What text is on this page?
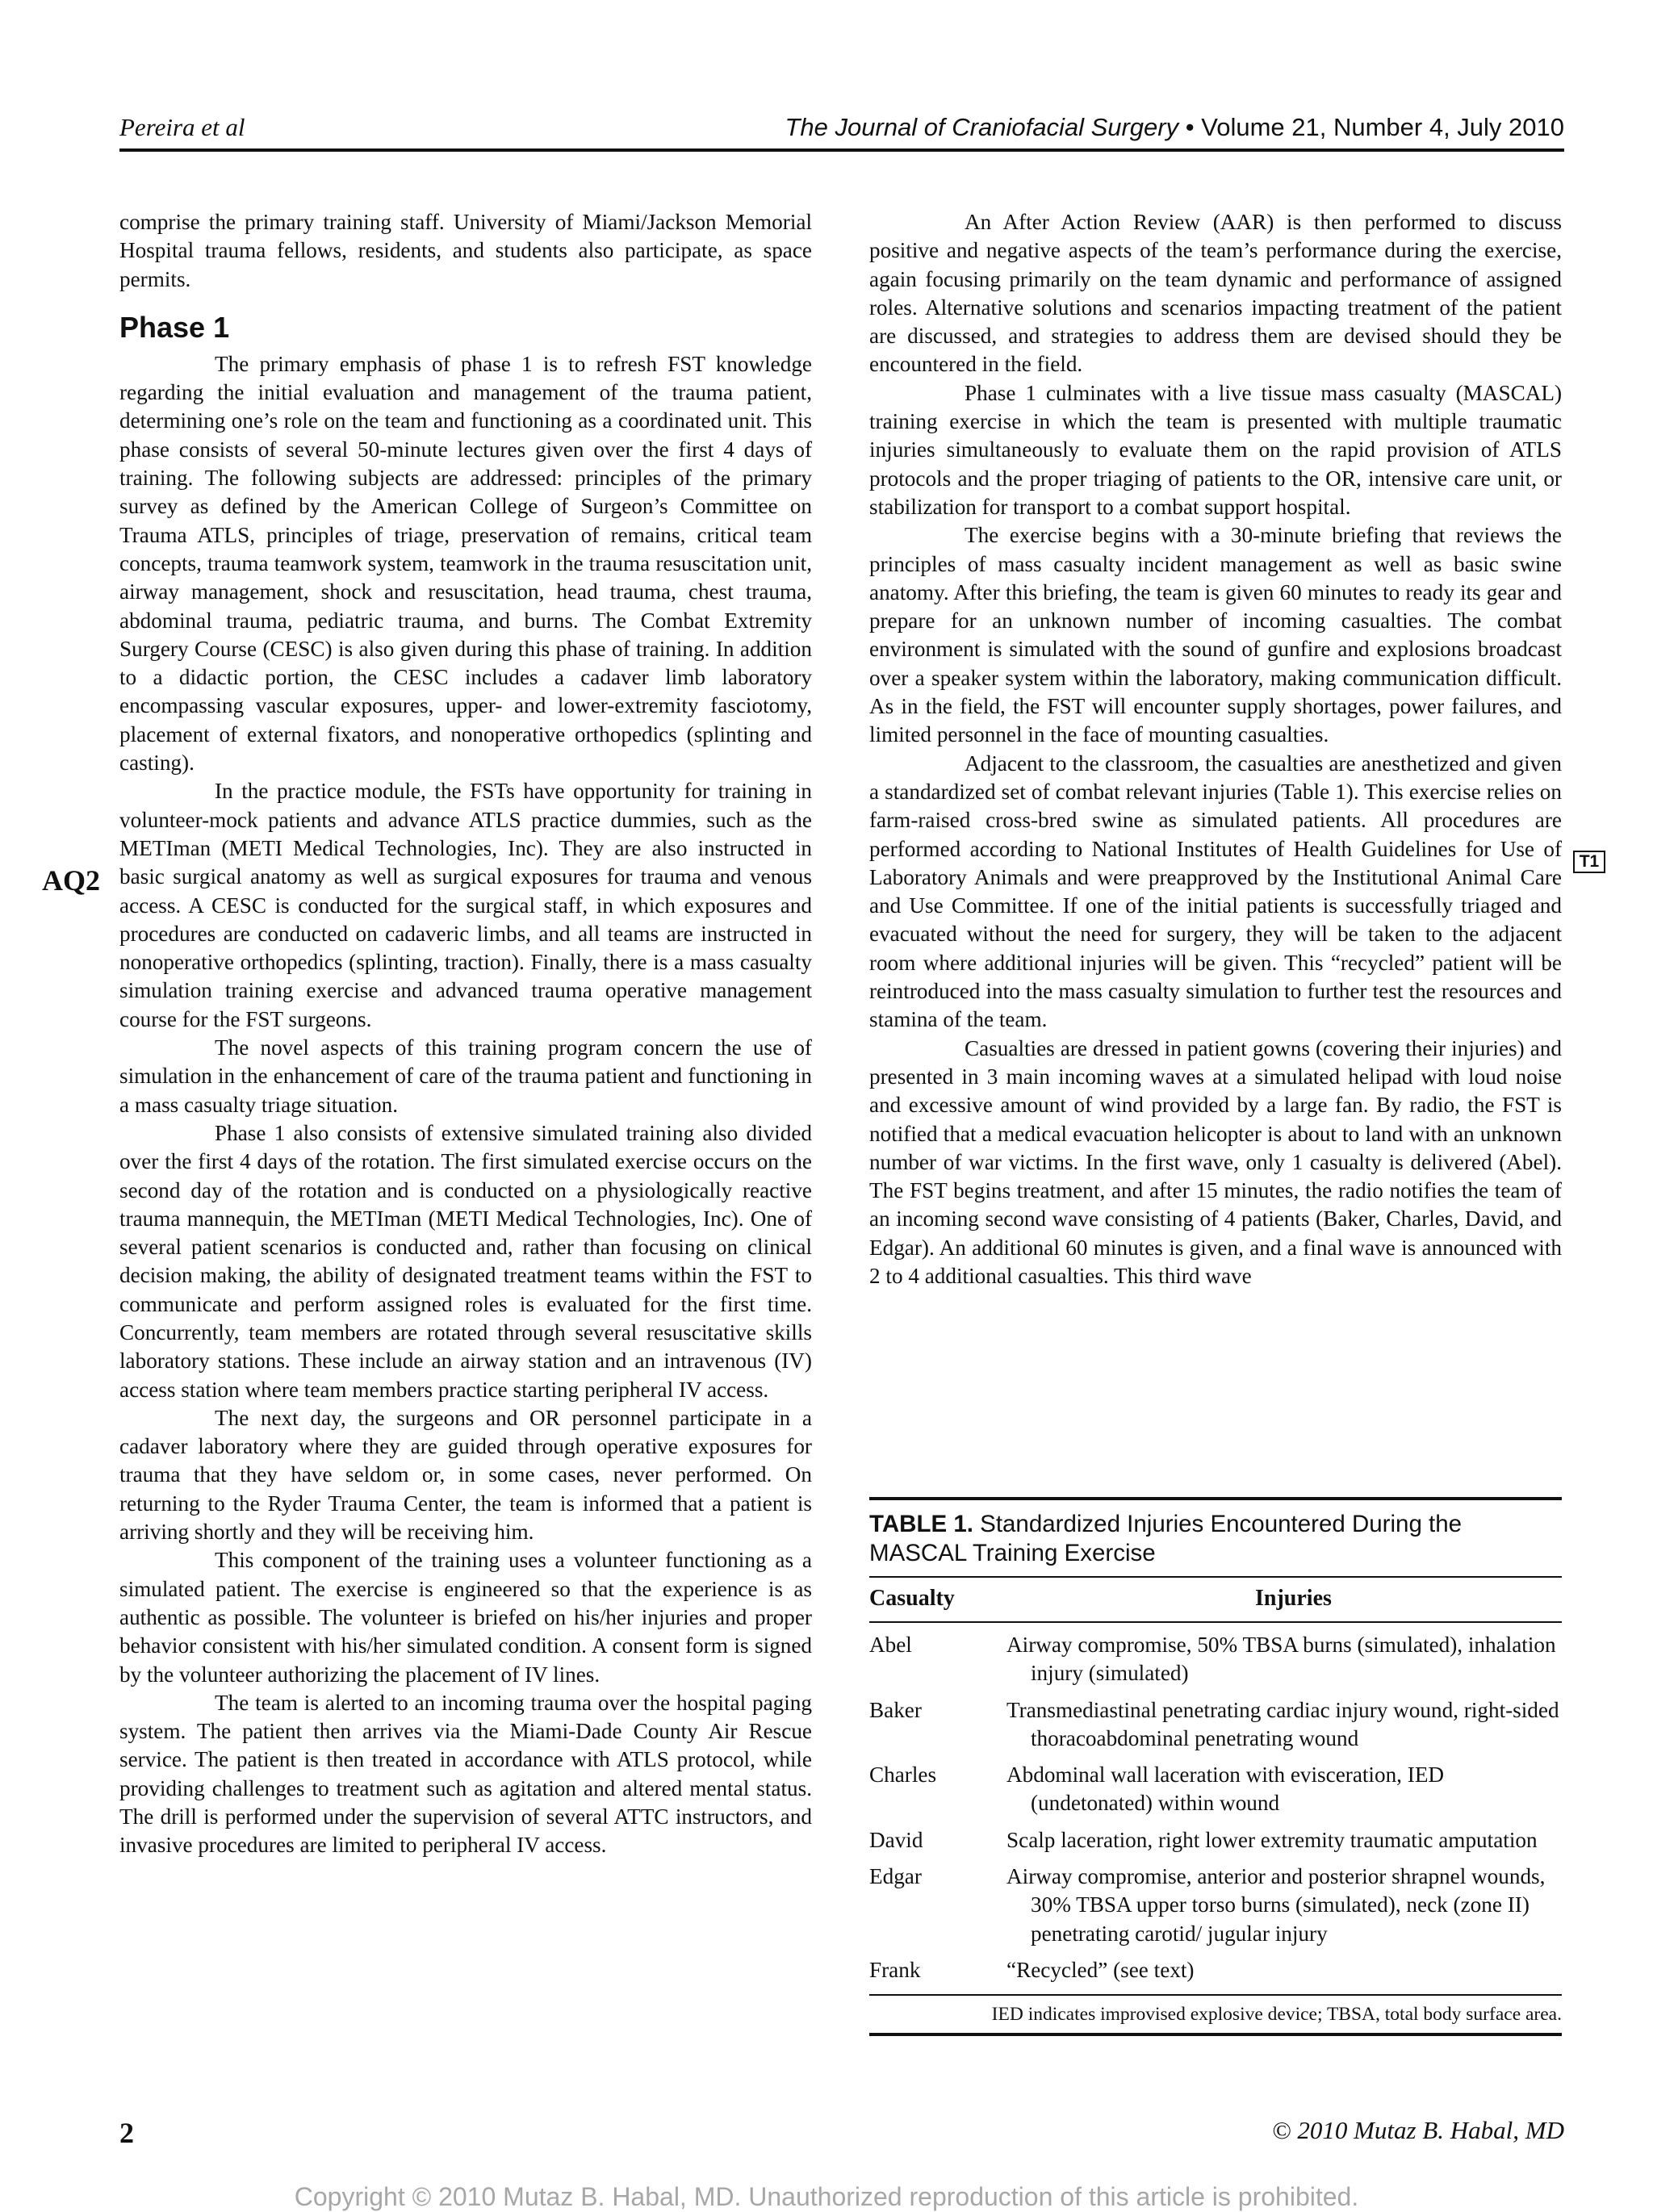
Pereira et al	The Journal of Craniofacial Surgery • Volume 21, Number 4, July 2010

comprise the primary training staff. University of Miami/Jackson Memorial Hospital trauma fellows, residents, and students also participate, as space permits.

Phase 1

The primary emphasis of phase 1 is to refresh FST knowledge regarding the initial evaluation and management of the trauma patient, determining one’s role on the team and functioning as a coordinated unit. This phase consists of several 50-minute lectures given over the first 4 days of training. The following subjects are addressed: principles of the primary survey as defined by the American College of Surgeon’s Committee on Trauma ATLS, principles of triage, preservation of remains, critical team concepts, trauma teamwork system, teamwork in the trauma resuscitation unit, airway management, shock and resuscitation, head trauma, chest trauma, abdominal trauma, pediatric trauma, and burns. The Combat Extremity Surgery Course (CESC) is also given during this phase of training. In addition to a didactic portion, the CESC includes a cadaver limb laboratory encompassing vascular exposures, upper- and lower-extremity fasciotomy, placement of external fixators, and nonoperative orthopedics (splinting and casting).

In the practice module, the FSTs have opportunity for training in volunteer-mock patients and advance ATLS practice dummies, such as the METIman (METI Medical Technologies, Inc). They are also instructed in basic surgical anatomy as well as surgical exposures for trauma and venous access. A CESC is conducted for the surgical staff, in which exposures and procedures are conducted on cadaveric limbs, and all teams are instructed in nonoperative orthopedics (splinting, traction). Finally, there is a mass casualty simulation training exercise and advanced trauma operative management course for the FST surgeons.

The novel aspects of this training program concern the use of simulation in the enhancement of care of the trauma patient and functioning in a mass casualty triage situation.

Phase 1 also consists of extensive simulated training also divided over the first 4 days of the rotation. The first simulated exercise occurs on the second day of the rotation and is conducted on a physiologically reactive trauma mannequin, the METIman (METI Medical Technologies, Inc). One of several patient scenarios is conducted and, rather than focusing on clinical decision making, the ability of designated treatment teams within the FST to communicate and perform assigned roles is evaluated for the first time. Concurrently, team members are rotated through several resuscitative skills laboratory stations. These include an airway station and an intravenous (IV) access station where team members practice starting peripheral IV access.

The next day, the surgeons and OR personnel participate in a cadaver laboratory where they are guided through operative exposures for trauma that they have seldom or, in some cases, never performed. On returning to the Ryder Trauma Center, the team is informed that a patient is arriving shortly and they will be receiving him.

This component of the training uses a volunteer functioning as a simulated patient. The exercise is engineered so that the experience is as authentic as possible. The volunteer is briefed on his/her injuries and proper behavior consistent with his/her simulated condition. A consent form is signed by the volunteer authorizing the placement of IV lines.

The team is alerted to an incoming trauma over the hospital paging system. The patient then arrives via the Miami-Dade County Air Rescue service. The patient is then treated in accordance with ATLS protocol, while providing challenges to treatment such as agitation and altered mental status. The drill is performed under the supervision of several ATTC instructors, and invasive procedures are limited to peripheral IV access.

AQ2
T1

An After Action Review (AAR) is then performed to discuss positive and negative aspects of the team’s performance during the exercise, again focusing primarily on the team dynamic and performance of assigned roles. Alternative solutions and scenarios impacting treatment of the patient are discussed, and strategies to address them are devised should they be encountered in the field.

Phase 1 culminates with a live tissue mass casualty (MASCAL) training exercise in which the team is presented with multiple traumatic injuries simultaneously to evaluate them on the rapid provision of ATLS protocols and the proper triaging of patients to the OR, intensive care unit, or stabilization for transport to a combat support hospital.

The exercise begins with a 30-minute briefing that reviews the principles of mass casualty incident management as well as basic swine anatomy. After this briefing, the team is given 60 minutes to ready its gear and prepare for an unknown number of incoming casualties. The combat environment is simulated with the sound of gunfire and explosions broadcast over a speaker system within the laboratory, making communication difficult. As in the field, the FST will encounter supply shortages, power failures, and limited personnel in the face of mounting casualties.

Adjacent to the classroom, the casualties are anesthetized and given a standardized set of combat relevant injuries (Table 1). This exercise relies on farm-raised cross-bred swine as simulated patients. All procedures are performed according to National Institutes of Health Guidelines for Use of Laboratory Animals and were preapproved by the Institutional Animal Care and Use Committee. If one of the initial patients is successfully triaged and evacuated without the need for surgery, they will be taken to the adjacent room where additional injuries will be given. This “recycled” patient will be reintroduced into the mass casualty simulation to further test the resources and stamina of the team.

Casualties are dressed in patient gowns (covering their injuries) and presented in 3 main incoming waves at a simulated helipad with loud noise and excessive amount of wind provided by a large fan. By radio, the FST is notified that a medical evacuation helicopter is about to land with an unknown number of war victims. In the first wave, only 1 casualty is delivered (Abel). The FST begins treatment, and after 15 minutes, the radio notifies the team of an incoming second wave consisting of 4 patients (Baker, Charles, David, and Edgar). An additional 60 minutes is given, and a final wave is announced with 2 to 4 additional casualties. This third wave

TABLE 1. Standardized Injuries Encountered During the MASCAL Training Exercise
Casualty	Injuries
Abel	Airway compromise, 50% TBSA burns (simulated), inhalation injury (simulated)
Baker	Transmediastinal penetrating cardiac injury wound, right-sided thoracoabdominal penetrating wound
Charles	Abdominal wall laceration with evisceration, IED (undetonated) within wound
David	Scalp laceration, right lower extremity traumatic amputation
Edgar	Airway compromise, anterior and posterior shrapnel wounds, 30% TBSA upper torso burns (simulated), neck (zone II) penetrating carotid/ jugular injury
Frank	“Recycled” (see text)
IED indicates improvised explosive device; TBSA, total body surface area.
2	© 2010 Mutaz B. Habal, MD
Copyright © 2010 Mutaz B. Habal, MD. Unauthorized reproduction of this article is prohibited.
